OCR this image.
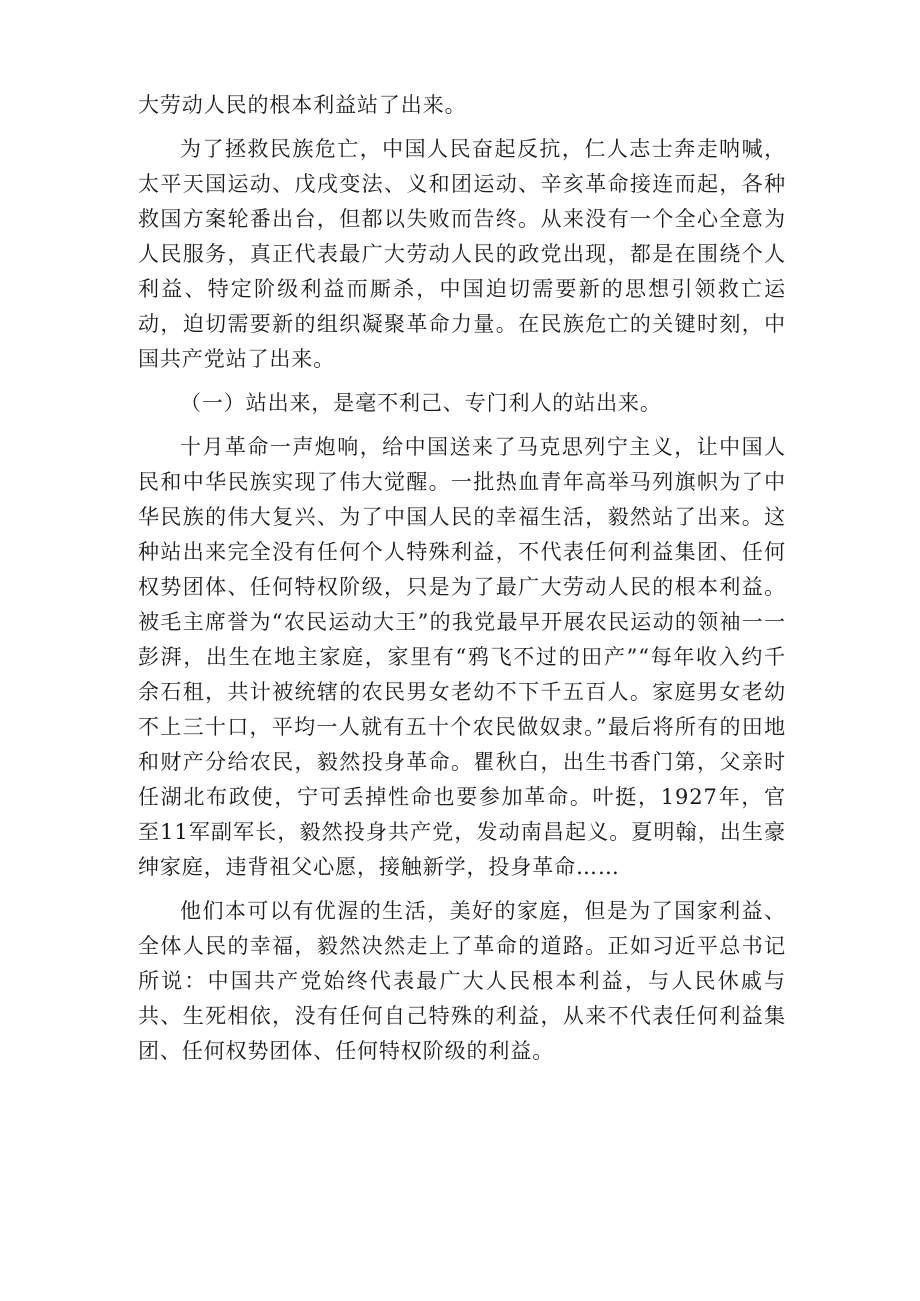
大劳动人民的根本利益站了出来。

为了拯救民族危亡，中国人民奋起反抗，仁人志士奔走呐喊，太平天国运动、戊戌变法、义和团运动、辛亥革命接连而起，各种救国方案轮番出台，但都以失败而告终。从来没有一个全心全意为人民服务，真正代表最广大劳动人民的政党出现，都是在围绕个人利益、特定阶级利益而厮杀，中国迫切需要新的思想引领救亡运动，迫切需要新的组织凝聚革命力量。在民族危亡的关键时刻，中国共产党站了出来。

（一）站出来，是毫不利己、专门利人的站出来。

十月革命一声炮响，给中国送来了马克思列宁主义，让中国人民和中华民族实现了伟大觉醒。一批热血青年高举马列旗帜为了中华民族的伟大复兴、为了中国人民的幸福生活，毅然站了出来。这种站出来完全没有任何个人特殊利益，不代表任何利益集团、任何权势团体、任何特权阶级，只是为了最广大劳动人民的根本利益。被毛主席誉为“农民运动大王”的我党最早开展农民运动的领袖一一彭湃，出生在地主家庭，家里有“鸦飞不过的田产”“每年收入约千余石租，共计被统辖的农民男女老幼不下千五百人。家庭男女老幼不上三十口，平均一人就有五十个农民做奴隶。”最后将所有的田地和财产分给农民，毅然投身革命。瞿秋白，出生书香门第，父亲时任湖北布政使，宁可丢掉性命也要参加革命。叶挺，1927年，官至11军副军长，毅然投身共产党，发动南昌起义。夏明翰，出生豪绅家庭，违背祖父心愿，接触新学，投身革命……

他们本可以有优渥的生活，美好的家庭，但是为了国家利益、全体人民的幸福，毅然决然走上了革命的道路。正如习近平总书记所说：中国共产党始终代表最广大人民根本利益，与人民休戚与共、生死相依，没有任何自己特殊的利益，从来不代表任何利益集团、任何权势团体、任何特权阶级的利益。
